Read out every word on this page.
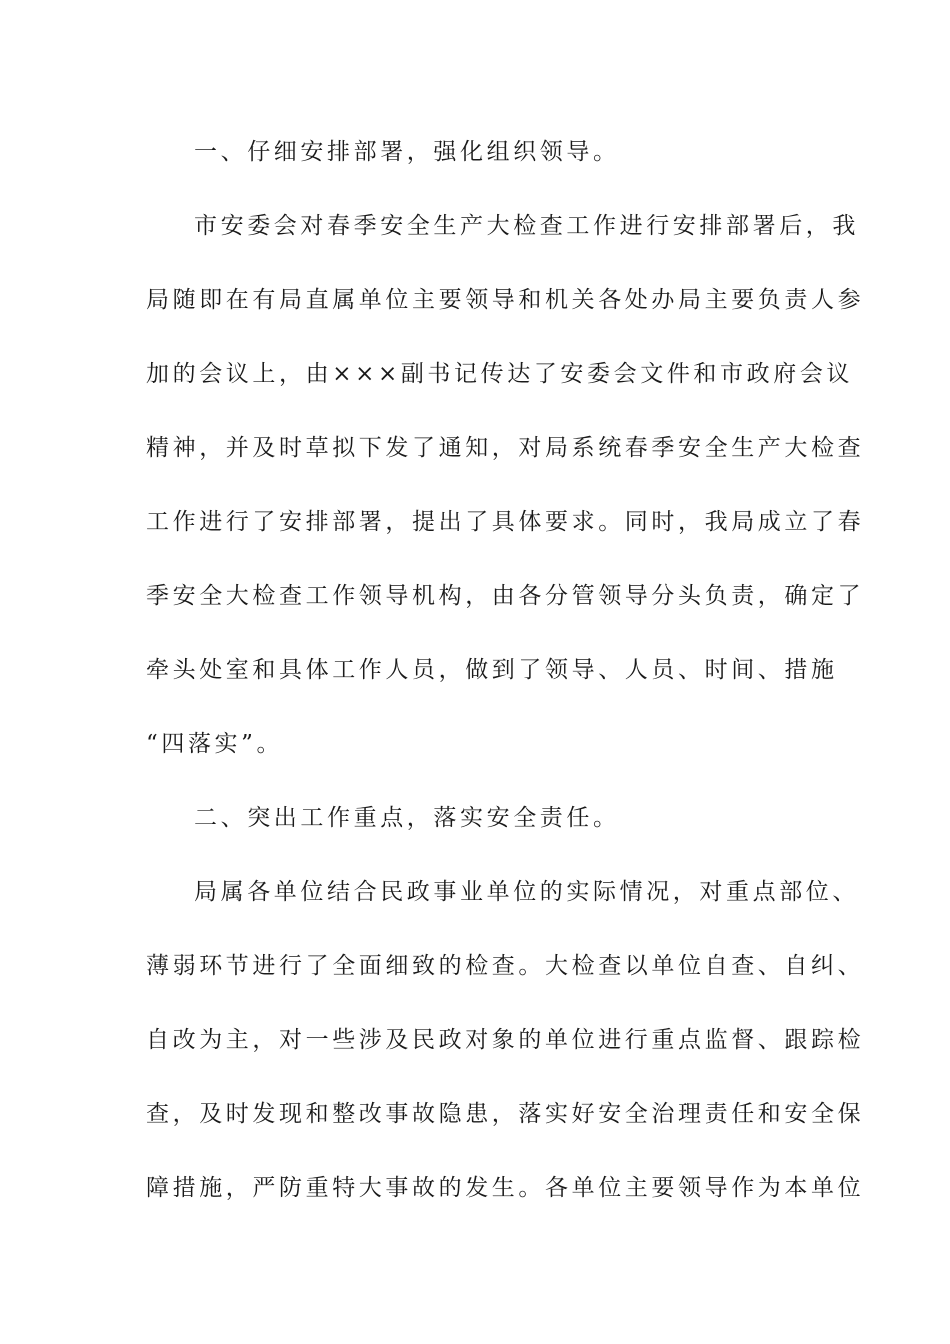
一、仔细安排部署，强化组织领导。
市安委会对春季安全生产大检查工作进行安排部署后，我
局随即在有局直属单位主要领导和机关各处办局主要负责人参
加的会议上，由×××副书记传达了安委会文件和市政府会议
精神，并及时草拟下发了通知，对局系统春季安全生产大检查
工作进行了安排部署，提出了具体要求。同时，我局成立了春
季安全大检查工作领导机构，由各分管领导分头负责，确定了
牵头处室和具体工作人员，做到了领导、人员、时间、措施
“四落实”。
二、突出工作重点，落实安全责任。
局属各单位结合民政事业单位的实际情况，对重点部位、
薄弱环节进行了全面细致的检查。大检查以单位自查、自纠、
自改为主，对一些涉及民政对象的单位进行重点监督、跟踪检
查，及时发现和整改事故隐患，落实好安全治理责任和安全保
障措施，严防重特大事故的发生。各单位主要领导作为本单位
